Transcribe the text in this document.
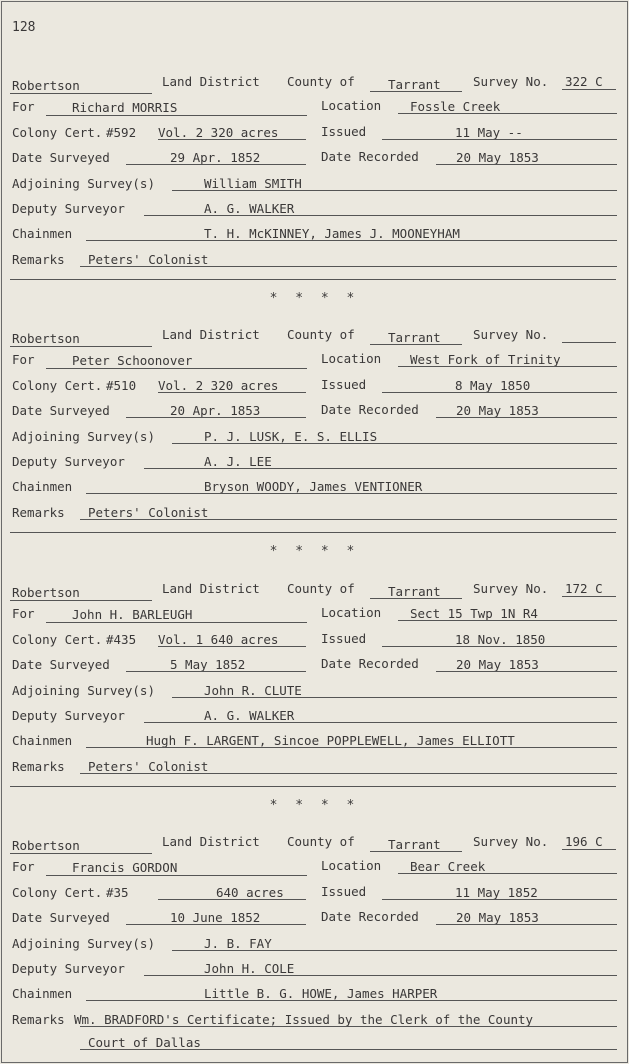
128
Robertson	Land District County of	Tarrant	Survey No. 322 C
For	Richard MORRIS	Location Fossle Creek
Colony Cert. #592 Vol. 2 320 acres	Issued	11 May --
Date Surveyed	29 Apr. 1852	Date Recorded	20 May 1853
Adjoining Survey(s)	William SMITH
Deputy Surveyor	A. G. WALKER
Chainmen	T. H. McKINNEY, James J. MOONEYHAM
Remarks Peters' Colonist
* * * *
Robertson	Land District County of	Tarrant	Survey No.
For	Peter Schoonover	Location West Fork of Trinity
Colony Cert. #510 Vol. 2 320 acres	Issued	8 May 1850
Date Surveyed	20 Apr. 1853	Date Recorded	20 May 1853
Adjoining Survey(s)	P. J. LUSK, E. S. ELLIS
Deputy Surveyor	A. J. LEE
Chainmen	Bryson WOODY, James VENTIONER
Remarks Peters' Colonist
* * * *
Robertson	Land District County of	Tarrant	Survey No. 172 C
For	John H. BARLEUGH	Location Sect 15 Twp 1N R4
Colony Cert. #435 Vol. 1 640 acres	Issued	18 Nov. 1850
Date Surveyed	5 May 1852	Date Recorded	20 May 1853
Adjoining Survey(s)	John R. CLUTE
Deputy Surveyor	A. G. WALKER
Chainmen	Hugh F. LARGENT, Sincoe POPPLEWELL, James ELLIOTT
Remarks Peters' Colonist
* * * *
Robertson	Land District County of	Tarrant	Survey No. 196 C
For	Francis GORDON	Location Bear Creek
Colony Cert. #35	640 acres	Issued	11 May 1852
Date Surveyed	10 June 1852	Date Recorded	20 May 1853
Adjoining Survey(s)	J. B. FAY
Deputy Surveyor	John H. COLE
Chainmen	Little B. G. HOWE, James HARPER
Remarks Wm. BRADFORD's Certificate; Issued by the Clerk of the County
Court of Dallas
